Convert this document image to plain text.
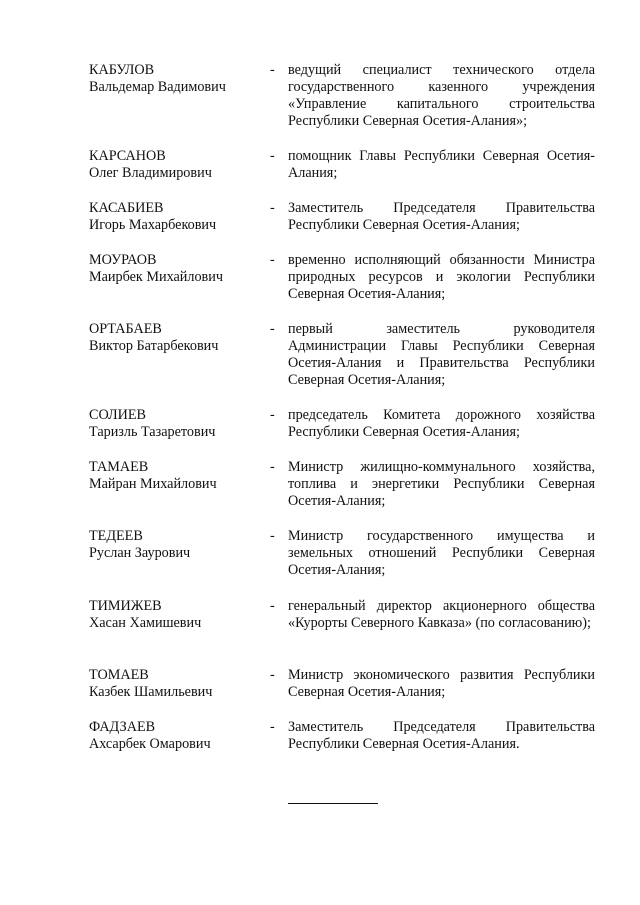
КАБУЛОВ
Вальдемар Вадимович
- ведущий специалист технического отдела государственного казенного учреждения «Управление капитального строительства Республики Северная Осетия-Алания»;
КАРСАНОВ
Олег Владимирович
- помощник Главы Республики Северная Осетия-Алания;
КАСАБИЕВ
Игорь Махарбекович
- Заместитель Председателя Правительства Республики Северная Осетия-Алания;
МОУРАОВ
Маирбек Михайлович
- временно исполняющий обязанности Министра природных ресурсов и экологии Республики Северная Осетия-Алания;
ОРТАБАЕВ
Виктор Батарбекович
- первый заместитель руководителя Администрации Главы Республики Северная Осетия-Алания и Правительства Республики Северная Осетия-Алания;
СОЛИЕВ
Таризль Тазаретович
- председатель Комитета дорожного хозяйства Республики Северная Осетия-Алания;
ТАМАЕВ
Майран Михайлович
- Министр жилищно-коммунального хозяйства, топлива и энергетики Республики Северная Осетия-Алания;
ТЕДЕЕВ
Руслан Заурович
- Министр государственного имущества и земельных отношений Республики Северная Осетия-Алания;
ТИМИЖЕВ
Хасан Хамишевич
- генеральный директор акционерного общества «Курорты Северного Кавказа» (по согласованию);
ТОМАЕВ
Казбек Шамильевич
- Министр экономического развития Республики Северная Осетия-Алания;
ФАДЗАЕВ
Ахсарбек Омарович
- Заместитель Председателя Правительства Республики Северная Осетия-Алания.
